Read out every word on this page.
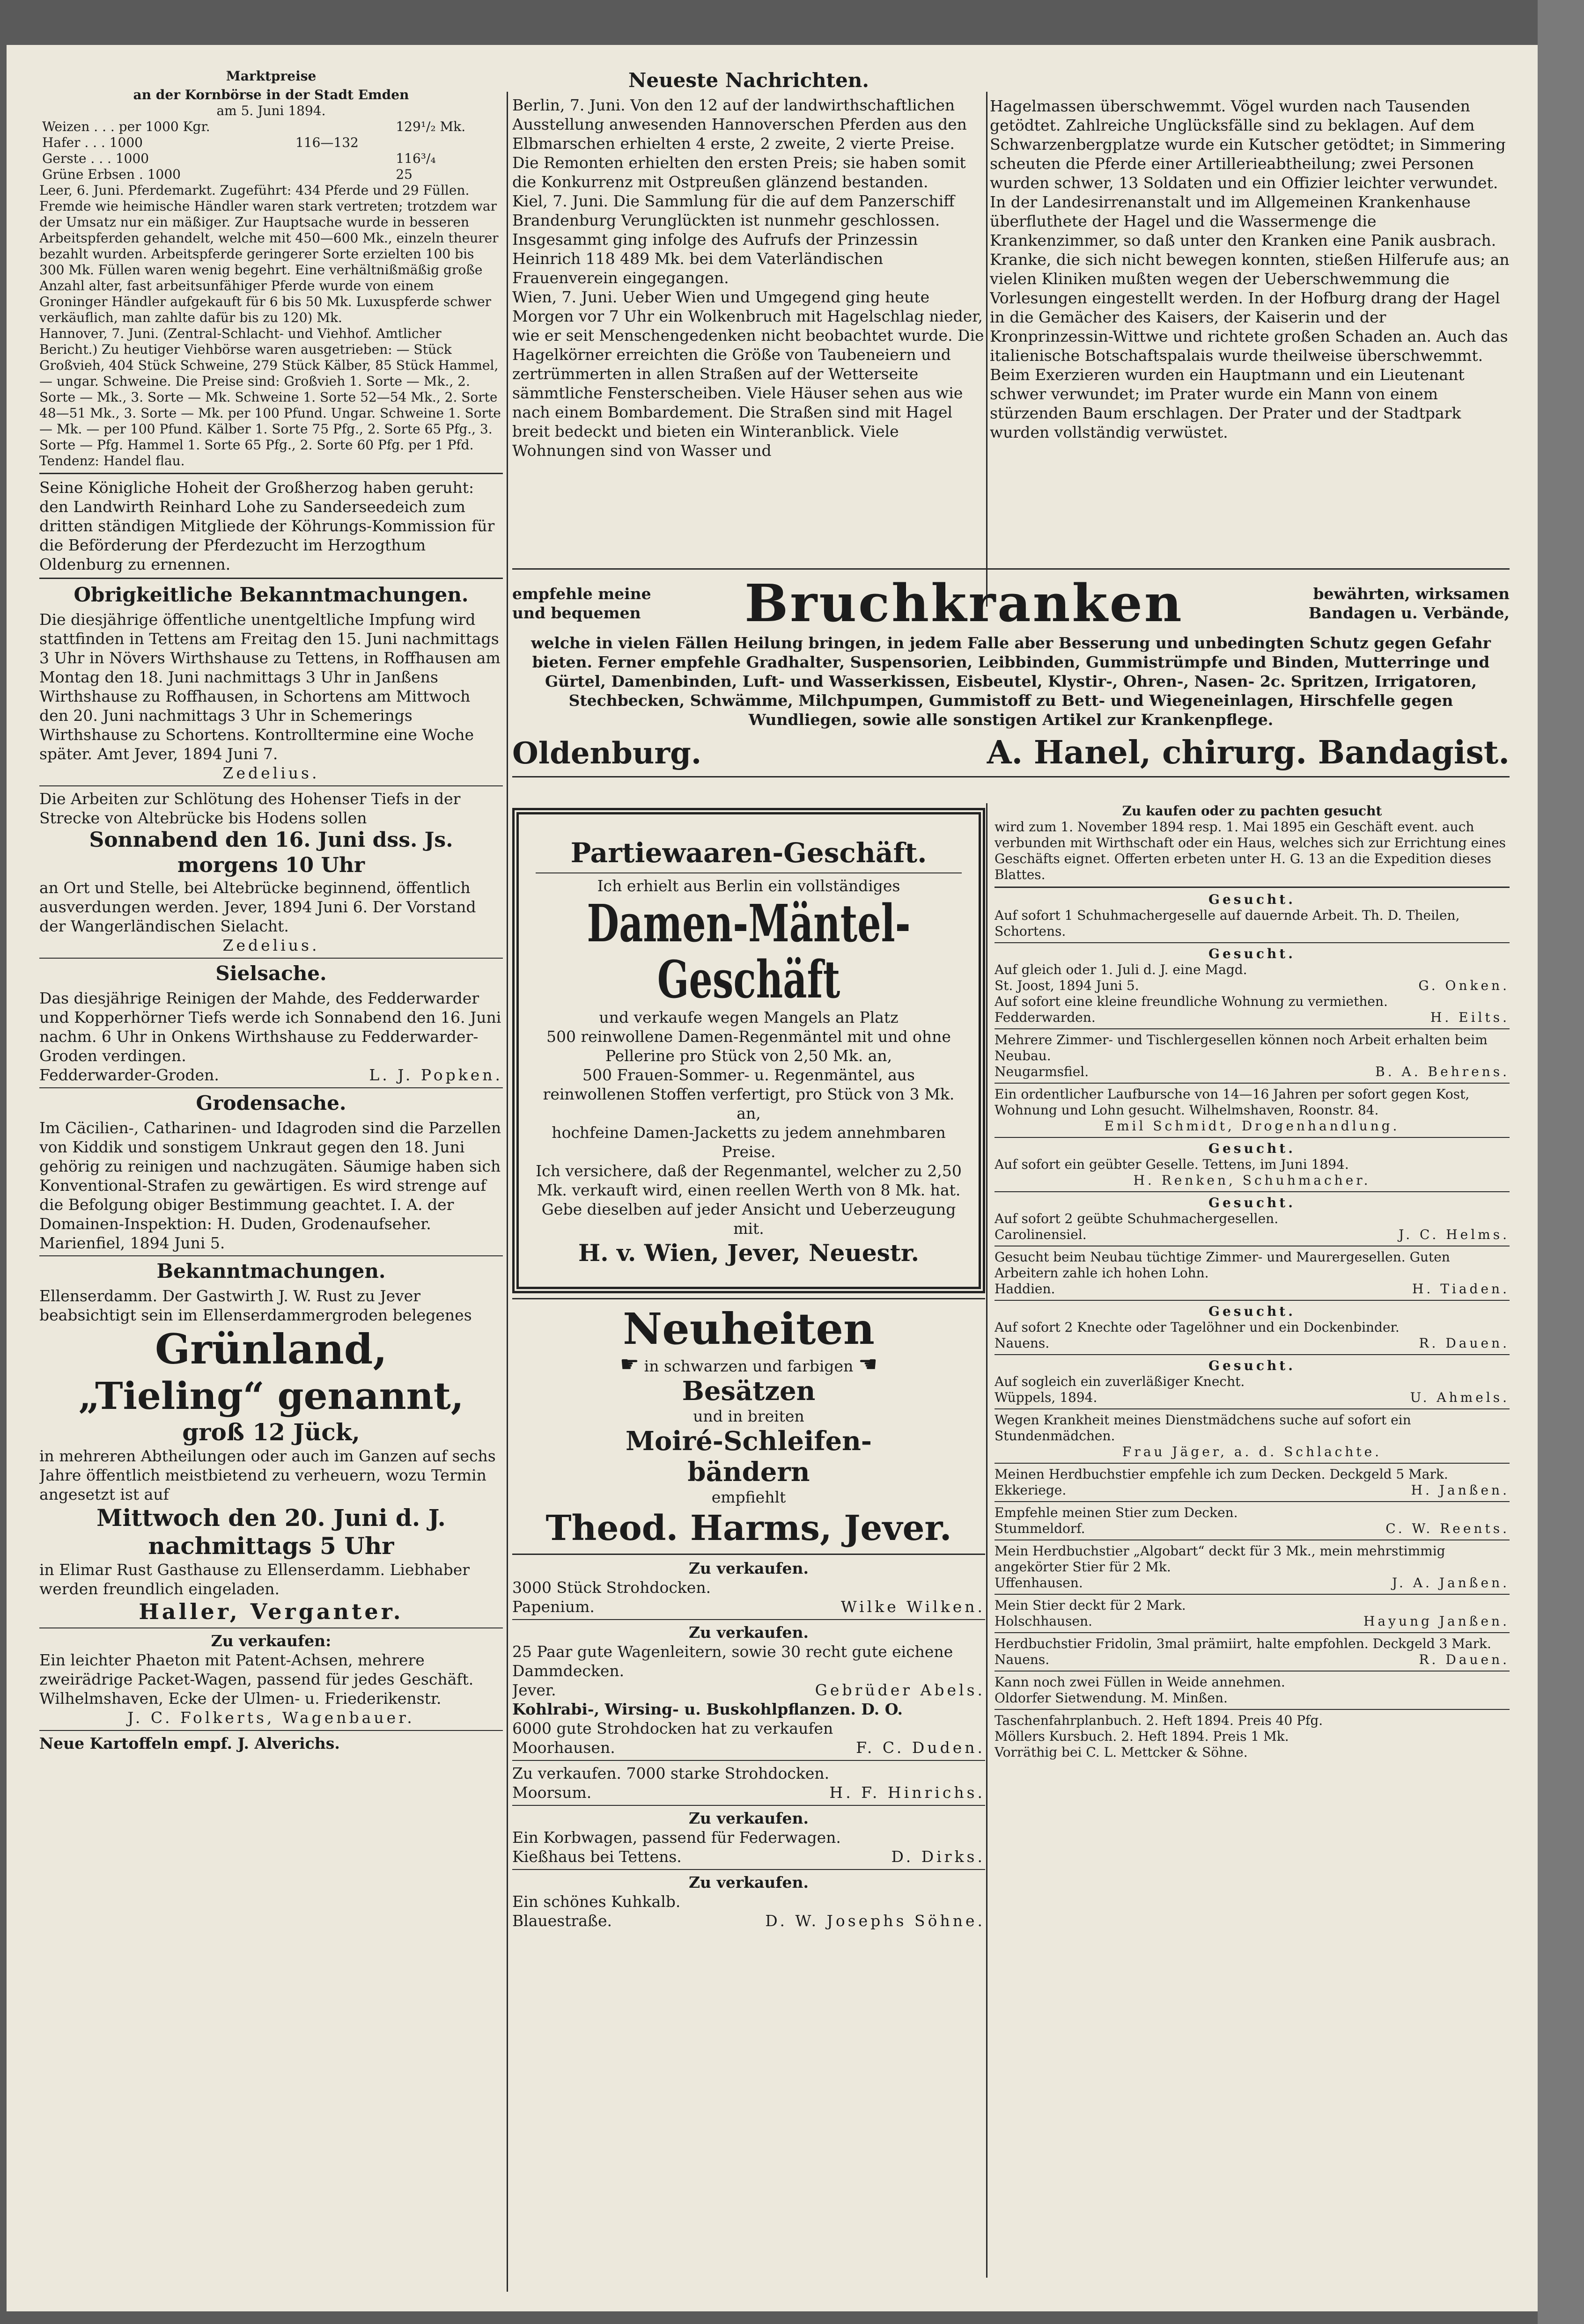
Marktpreise

an der Kornbörse in der Stadt Emden

am 5. Juni 1894.

Weizen . . . per 1000 Kgr.		129¹/₂ Mk.
Hafer . . . 1000	116—132	
Gerste . . . 1000		116³/₄
Grüne Erbsen . 1000		25

Leer, 6. Juni. Pferdemarkt. Zugeführt: 434 Pferde und 29 Füllen. Fremde wie heimische Händler waren stark vertreten; trotzdem war der Umsatz nur ein mäßiger. Zur Hauptsache wurde in besseren Arbeitspferden gehandelt, welche mit 450—600 Mk., einzeln theurer bezahlt wurden. Arbeitspferde geringerer Sorte erzielten 100 bis 300 Mk. Füllen waren wenig begehrt. Eine verhältnißmäßig große Anzahl alter, fast arbeitsunfähiger Pferde wurde von einem Groninger Händler aufgekauft für 6 bis 50 Mk. Luxuspferde schwer verkäuflich, man zahlte dafür bis zu 120) Mk.

Hannover, 7. Juni. (Zentral-Schlacht- und Viehhof. Amtlicher Bericht.) Zu heutiger Viehbörse waren ausgetrieben: — Stück Großvieh, 404 Stück Schweine, 279 Stück Kälber, 85 Stück Hammel, — ungar. Schweine. Die Preise sind: Großvieh 1. Sorte — Mk., 2. Sorte — Mk., 3. Sorte — Mk. Schweine 1. Sorte 52—54 Mk., 2. Sorte 48—51 Mk., 3. Sorte — Mk. per 100 Pfund. Ungar. Schweine 1. Sorte — Mk. — per 100 Pfund. Kälber 1. Sorte 75 Pfg., 2. Sorte 65 Pfg., 3. Sorte — Pfg. Hammel 1. Sorte 65 Pfg., 2. Sorte 60 Pfg. per 1 Pfd. Tendenz: Handel flau.

Seine Königliche Hoheit der Großherzog haben geruht: den Landwirth Reinhard Lohe zu Sanderseedeich zum dritten ständigen Mitgliede der Köhrungs-Kommission für die Beförderung der Pferdezucht im Herzogthum Oldenburg zu ernennen.

Obrigkeitliche Bekanntmachungen.

Die diesjährige öffentliche unentgeltliche Impfung wird stattfinden in Tettens am Freitag den 15. Juni nachmittags 3 Uhr in Növers Wirthshause zu Tettens, in Roffhausen am Montag den 18. Juni nachmittags 3 Uhr in Janßens Wirthshause zu Roffhausen, in Schortens am Mittwoch den 20. Juni nachmittags 3 Uhr in Schemerings Wirthshause zu Schortens. Kontrolltermine eine Woche später. Amt Jever, 1894 Juni 7.

Zedelius.

Die Arbeiten zur Schlötung des Hohenser Tiefs in der Strecke von Altebrücke bis Hodens sollen

Sonnabend den 16. Juni dss. Js.

morgens 10 Uhr

an Ort und Stelle, bei Altebrücke beginnend, öffentlich ausverdungen werden. Jever, 1894 Juni 6. Der Vorstand der Wangerländischen Sielacht.

Zedelius.

Sielsache.

Das diesjährige Reinigen der Mahde, des Fedderwarder und Kopperhörner Tiefs werde ich Sonnabend den 16. Juni nachm. 6 Uhr in Onkens Wirthshause zu Fedderwarder-Groden verdingen.

Fedderwarder-Groden.	L. J. Popken.

Grodensache.

Im Cäcilien-, Catharinen- und Idagroden sind die Parzellen von Kiddik und sonstigem Unkraut gegen den 18. Juni gehörig zu reinigen und nachzugäten. Säumige haben sich Konventional-Strafen zu gewärtigen. Es wird strenge auf die Befolgung obiger Bestimmung geachtet. I. A. der Domainen-Inspektion: H. Duden, Grodenaufseher.

Marienfiel, 1894 Juni 5.

Bekanntmachungen.

Ellenserdamm. Der Gastwirth J. W. Rust zu Jever beabsichtigt sein im Ellenserdammergroden belegenes

Grünland,

„Tieling“ genannt,

groß 12 Jück,

in mehreren Abtheilungen oder auch im Ganzen auf sechs Jahre öffentlich meistbietend zu verheuern, wozu Termin angesetzt ist auf

Mittwoch den 20. Juni d. J.

nachmittags 5 Uhr

in Elimar Rust Gasthause zu Ellenserdamm. Liebhaber werden freundlich eingeladen.

Haller, Verganter.

Zu verkaufen:

Ein leichter Phaeton mit Patent-Achsen, mehrere zweirädrige Packet-Wagen, passend für jedes Geschäft. Wilhelmshaven, Ecke der Ulmen- u. Friederikenstr.

J. C. Folkerts, Wagenbauer.

Neue Kartoffeln empf. J. Alverichs.

Neueste Nachrichten.

Berlin, 7. Juni. Von den 12 auf der landwirthschaftlichen Ausstellung anwesenden Hannoverschen Pferden aus den Elbmarschen erhielten 4 erste, 2 zweite, 2 vierte Preise. Die Remonten erhielten den ersten Preis; sie haben somit die Konkurrenz mit Ostpreußen glänzend bestanden.

Kiel, 7. Juni. Die Sammlung für die auf dem Panzerschiff Brandenburg Verunglückten ist nunmehr geschlossen. Insgesammt ging infolge des Aufrufs der Prinzessin Heinrich 118 489 Mk. bei dem Vaterländischen Frauenverein eingegangen.

Wien, 7. Juni. Ueber Wien und Umgegend ging heute Morgen vor 7 Uhr ein Wolkenbruch mit Hagelschlag nieder, wie er seit Menschengedenken nicht beobachtet wurde. Die Hagelkörner erreichten die Größe von Taubeneiern und zertrümmerten in allen Straßen auf der Wetterseite sämmtliche Fensterscheiben. Viele Häuser sehen aus wie nach einem Bombardement. Die Straßen sind mit Hagel breit bedeckt und bieten ein Winteranblick. Viele Wohnungen sind von Wasser und

Hagelmassen überschwemmt. Vögel wurden nach Tausenden getödtet. Zahlreiche Unglücksfälle sind zu beklagen. Auf dem Schwarzenbergplatze wurde ein Kutscher getödtet; in Simmering scheuten die Pferde einer Artillerieabtheilung; zwei Personen wurden schwer, 13 Soldaten und ein Offizier leichter verwundet. In der Landesirrenanstalt und im Allgemeinen Krankenhause überfluthete der Hagel und die Wassermenge die Krankenzimmer, so daß unter den Kranken eine Panik ausbrach. Kranke, die sich nicht bewegen konnten, stießen Hilferufe aus; an vielen Kliniken mußten wegen der Ueberschwemmung die Vorlesungen eingestellt werden. In der Hofburg drang der Hagel in die Gemächer des Kaisers, der Kaiserin und der Kronprinzessin-Wittwe und richtete großen Schaden an. Auch das italienische Botschaftspalais wurde theilweise überschwemmt. Beim Exerzieren wurden ein Hauptmann und ein Lieutenant schwer verwundet; im Prater wurde ein Mann von einem stürzenden Baum erschlagen. Der Prater und der Stadtpark wurden vollständig verwüstet.

empfehle meine und bequemen Bruchkranken	bewährten, wirksamen Bandagen u. Verbände,

welche in vielen Fällen Heilung bringen, in jedem Falle aber Besserung und unbedingten Schutz gegen Gefahr bieten. Ferner empfehle Gradhalter, Suspensorien, Leibbinden, Gummistrümpfe und Binden, Mutterringe und Gürtel, Damenbinden, Luft- und Wasserkissen, Eisbeutel, Klystir-, Ohren-, Nasen- 2c. Spritzen, Irrigatoren, Stechbecken, Schwämme, Milchpumpen, Gummistoff zu Bett- und Wiegeneinlagen, Hirschfelle gegen Wundliegen, sowie alle sonstigen Artikel zur Krankenpflege.

Oldenburg.	A. Hanel, chirurg. Bandagist.

Partiewaaren-Geschäft.

Ich erhielt aus Berlin ein vollständiges

Damen-Mäntel-

Geschäft

und verkaufe wegen Mangels an Platz

500 reinwollene Damen-Regenmäntel mit und ohne Pellerine pro Stück von 2,50 Mk. an,

500 Frauen-Sommer- u. Regenmäntel, aus reinwollenen Stoffen verfertigt, pro Stück von 3 Mk. an,

hochfeine Damen-Jacketts zu jedem annehmbaren Preise.

Ich versichere, daß der Regenmantel, welcher zu 2,50 Mk. verkauft wird, einen reellen Werth von 8 Mk. hat. Gebe dieselben auf jeder Ansicht und Ueberzeugung mit.

H. v. Wien, Jever, Neuestr.

Neuheiten

☛ in schwarzen und farbigen ☚

Besätzen

und in breiten

Moiré-Schleifen-

bändern

empfiehlt

Theod. Harms, Jever.

Zu verkaufen.

3000 Stück Strohdocken.

Papenium.	Wilke Wilken.

Zu verkaufen.

25 Paar gute Wagenleitern, sowie 30 recht gute eichene Dammdecken.

Jever.	Gebrüder Abels.

Kohlrabi-, Wirsing- u. Buskohlpflanzen. D. O.

6000 gute Strohdocken hat zu verkaufen

Moorhausen.	F. C. Duden.

Zu verkaufen. 7000 starke Strohdocken.

Moorsum.	H. F. Hinrichs.

Zu verkaufen.

Ein Korbwagen, passend für Federwagen.

Kießhaus bei Tettens.	D. Dirks.

Zu verkaufen.

Ein schönes Kuhkalb.

Blauestraße.	D. W. Josephs Söhne.

Zu kaufen oder zu pachten gesucht

wird zum 1. November 1894 resp. 1. Mai 1895 ein Geschäft event. auch verbunden mit Wirthschaft oder ein Haus, welches sich zur Errichtung eines Geschäfts eignet. Offerten erbeten unter H. G. 13 an die Expedition dieses Blattes.

Gesucht.

Auf sofort 1 Schuhmachergeselle auf dauernde Arbeit. Th. D. Theilen, Schortens.

Gesucht.

Auf gleich oder 1. Juli d. J. eine Magd.

St. Joost, 1894 Juni 5.	G. Onken.

Auf sofort eine kleine freundliche Wohnung zu vermiethen.

Fedderwarden.	H. Eilts.

Mehrere Zimmer- und Tischlergesellen können noch Arbeit erhalten beim Neubau.

Neugarmsfiel.	B. A. Behrens.

Ein ordentlicher Laufbursche von 14—16 Jahren per sofort gegen Kost, Wohnung und Lohn gesucht. Wilhelmshaven, Roonstr. 84.

Emil Schmidt, Drogenhandlung.

Gesucht.

Auf sofort ein geübter Geselle. Tettens, im Juni 1894.

H. Renken, Schuhmacher.

Gesucht.

Auf sofort 2 geübte Schuhmachergesellen.

Carolinensiel.	J. C. Helms.

Gesucht beim Neubau tüchtige Zimmer- und Maurergesellen. Guten Arbeitern zahle ich hohen Lohn.

Haddien.	H. Tiaden.

Gesucht.

Auf sofort 2 Knechte oder Tagelöhner und ein Dockenbinder.

Nauens.	R. Dauen.

Gesucht.

Auf sogleich ein zuverläßiger Knecht.

Wüppels, 1894.	U. Ahmels.

Wegen Krankheit meines Dienstmädchens suche auf sofort ein Stundenmädchen.

Frau Jäger, a. d. Schlachte.

Meinen Herdbuchstier empfehle ich zum Decken. Deckgeld 5 Mark.

Ekkeriege.	H. Janßen.

Empfehle meinen Stier zum Decken.

Stummeldorf.	C. W. Reents.

Mein Herdbuchstier „Algobart“ deckt für 3 Mk., mein mehrstimmig angekörter Stier für 2 Mk.

Uffenhausen.	J. A. Janßen.

Mein Stier deckt für 2 Mark.

Holschhausen.	Hayung Janßen.

Herdbuchstier Fridolin, 3mal prämiirt, halte empfohlen. Deckgeld 3 Mark.

Nauens.	R. Dauen.

Kann noch zwei Füllen in Weide annehmen.

Oldorfer Sietwendung. M. Minßen.

Taschenfahrplanbuch. 2. Heft 1894. Preis 40 Pfg.

Möllers Kursbuch. 2. Heft 1894. Preis 1 Mk.

Vorräthig bei C. L. Mettcker & Söhne.
